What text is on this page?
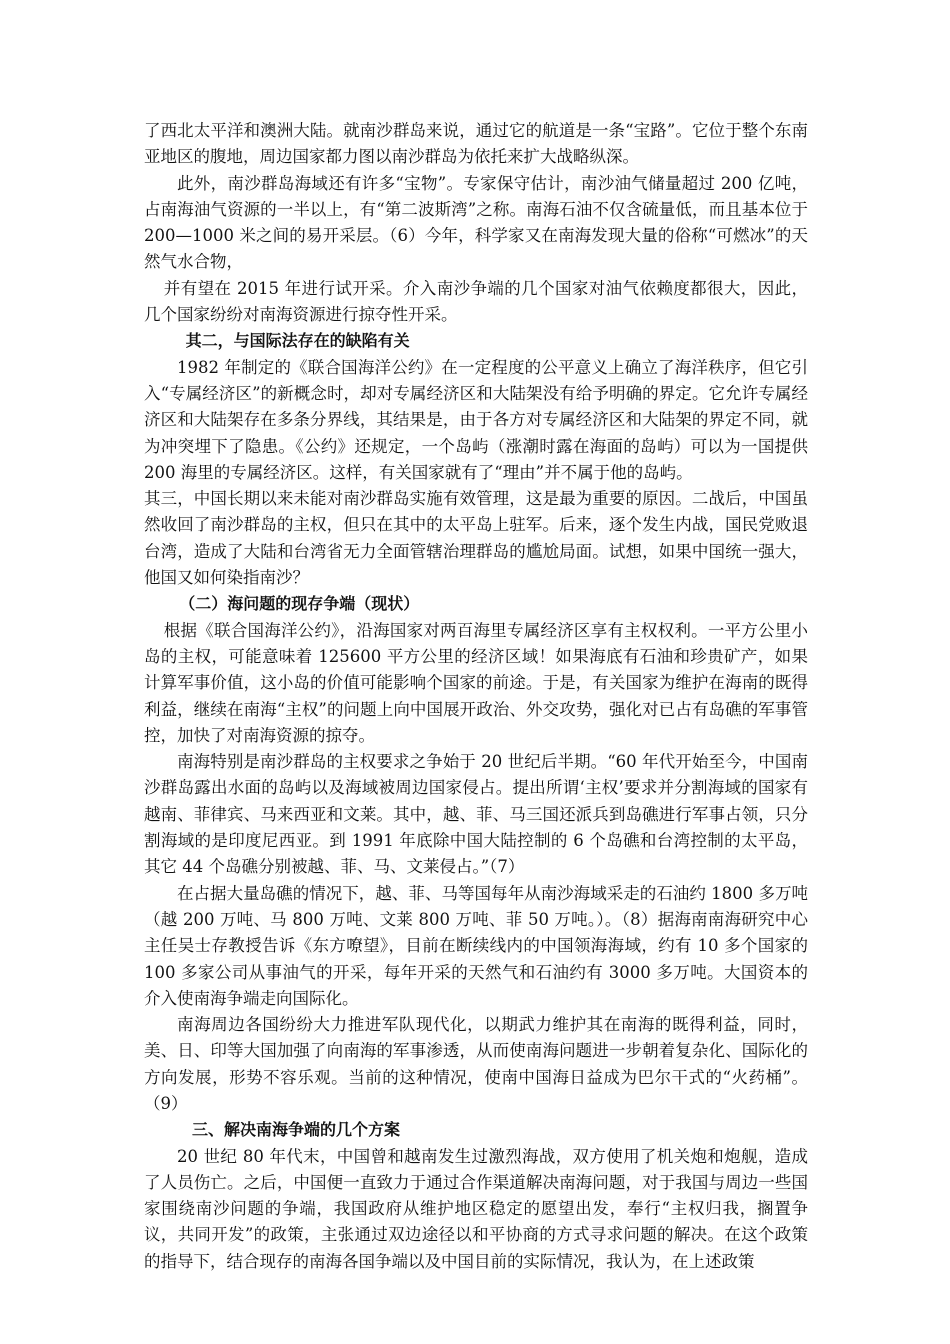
了西北太平洋和澳洲大陆。就南沙群岛来说，通过它的航道是一条“宝路”。它位于整个东南亚地区的腹地，周边国家都力图以南沙群岛为依托来扩大战略纵深。

此外，南沙群岛海域还有许多“宝物”。专家保守估计，南沙油气储量超过 200 亿吨，占南海油气资源的一半以上，有“第二波斯湾”之称。南海石油不仅含硫量低，而且基本位于 200—1000 米之间的易开采层。（6）今年，科学家又在南海发现大量的俗称“可燃冰”的天然气水合物，

并有望在 2015 年进行试开采。介入南沙争端的几个国家对油气依赖度都很大，因此，几个国家纷纷对南海资源进行掠夺性开采。

其二，与国际法存在的缺陷有关

1982 年制定的《联合国海洋公约》在一定程度的公平意义上确立了海洋秩序，但它引入“专属经济区”的新概念时，却对专属经济区和大陆架没有给予明确的界定。它允许专属经济区和大陆架存在多条分界线，其结果是，由于各方对专属经济区和大陆架的界定不同，就为冲突埋下了隐患。《公约》还规定，一个岛屿（涨潮时露在海面的岛屿）可以为一国提供 200 海里的专属经济区。这样，有关国家就有了“理由”并不属于他的岛屿。

其三，中国长期以来未能对南沙群岛实施有效管理，这是最为重要的原因。二战后，中国虽然收回了南沙群岛的主权，但只在其中的太平岛上驻军。后来，逐个发生内战，国民党败退台湾，造成了大陆和台湾省无力全面管辖治理群岛的尴尬局面。试想，如果中国统一强大，他国又如何染指南沙？

（二）海问题的现存争端（现状）

根据《联合国海洋公约》，沿海国家对两百海里专属经济区享有主权权利。一平方公里小岛的主权，可能意味着 125600 平方公里的经济区域！如果海底有石油和珍贵矿产，如果计算军事价值，这小岛的价值可能影响个国家的前途。于是，有关国家为维护在海南的既得利益，继续在南海“主权”的问题上向中国展开政治、外交攻势，强化对已占有岛礁的军事管控，加快了对南海资源的掠夺。

南海特别是南沙群岛的主权要求之争始于 20 世纪后半期。“60 年代开始至今，中国南沙群岛露出水面的岛屿以及海域被周边国家侵占。提出所谓‘主权’要求并分割海域的国家有越南、菲律宾、马来西亚和文莱。其中，越、菲、马三国还派兵到岛礁进行军事占领，只分割海域的是印度尼西亚。到 1991 年底除中国大陆控制的 6 个岛礁和台湾控制的太平岛，其它 44 个岛礁分别被越、菲、马、文莱侵占。”（7）

在占据大量岛礁的情况下，越、菲、马等国每年从南沙海域采走的石油约 1800 多万吨（越 200 万吨、马 800 万吨、文莱 800 万吨、菲 50 万吨。）。（8）据海南南海研究中心主任吴士存教授告诉《东方嘹望》，目前在断续线内的中国领海海域，约有 10 多个国家的 100 多家公司从事油气的开采，每年开采的天然气和石油约有 3000 多万吨。大国资本的介入使南海争端走向国际化。

南海周边各国纷纷大力推进军队现代化，以期武力维护其在南海的既得利益，同时，美、日、印等大国加强了向南海的军事渗透，从而使南海问题进一步朝着复杂化、国际化的方向发展，形势不容乐观。当前的这种情况，使南中国海日益成为巴尔干式的“火药桶”。（9）

三、解决南海争端的几个方案

20 世纪 80 年代末，中国曾和越南发生过激烈海战，双方使用了机关炮和炮舰，造成了人员伤亡。之后，中国便一直致力于通过合作渠道解决南海问题，对于我国与周边一些国家围绕南沙问题的争端，我国政府从维护地区稳定的愿望出发，奉行“主权归我，搁置争议，共同开发”的政策，主张通过双边途径以和平协商的方式寻求问题的解决。在这个政策的指导下，结合现存的南海各国争端以及中国目前的实际情况，我认为，在上述政策
